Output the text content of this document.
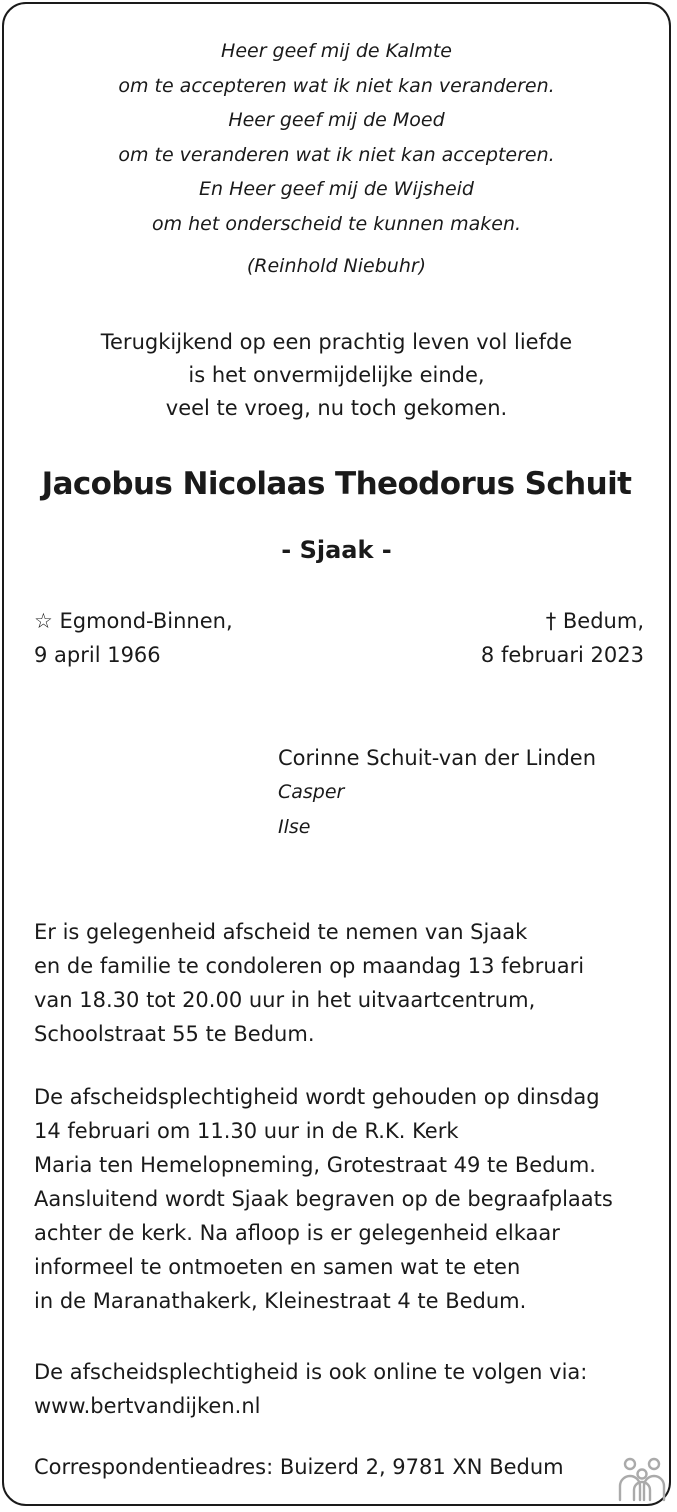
Heer geef mij de Kalmte
om te accepteren wat ik niet kan veranderen.
Heer geef mij de Moed
om te veranderen wat ik niet kan accepteren.
En Heer geef mij de Wijsheid
om het onderscheid te kunnen maken.
(Reinhold Niebuhr)
Terugkijkend op een prachtig leven vol liefde
is het onvermijdelijke einde,
veel te vroeg, nu toch gekomen.
Jacobus Nicolaas Theodorus Schuit
- Sjaak -
☆ Egmond-Binnen,
9 april 1966
† Bedum,
8 februari 2023
Corinne Schuit-van der Linden
Casper
Ilse
Er is gelegenheid afscheid te nemen van Sjaak
en de familie te condoleren op maandag 13 februari
van 18.30 tot 20.00 uur in het uitvaartcentrum,
Schoolstraat 55 te Bedum.
De afscheidsplechtigheid wordt gehouden op dinsdag
14 februari om 11.30 uur in de R.K. Kerk
Maria ten Hemelopneming, Grotestraat 49 te Bedum.
Aansluitend wordt Sjaak begraven op de begraafplaats
achter de kerk. Na afloop is er gelegenheid elkaar
informeel te ontmoeten en samen wat te eten
in de Maranathakerk, Kleinestraat 4 te Bedum.
De afscheidsplechtigheid is ook online te volgen via:
www.bertvandijken.nl
Correspondentieadres: Buizerd 2, 9781 XN Bedum
